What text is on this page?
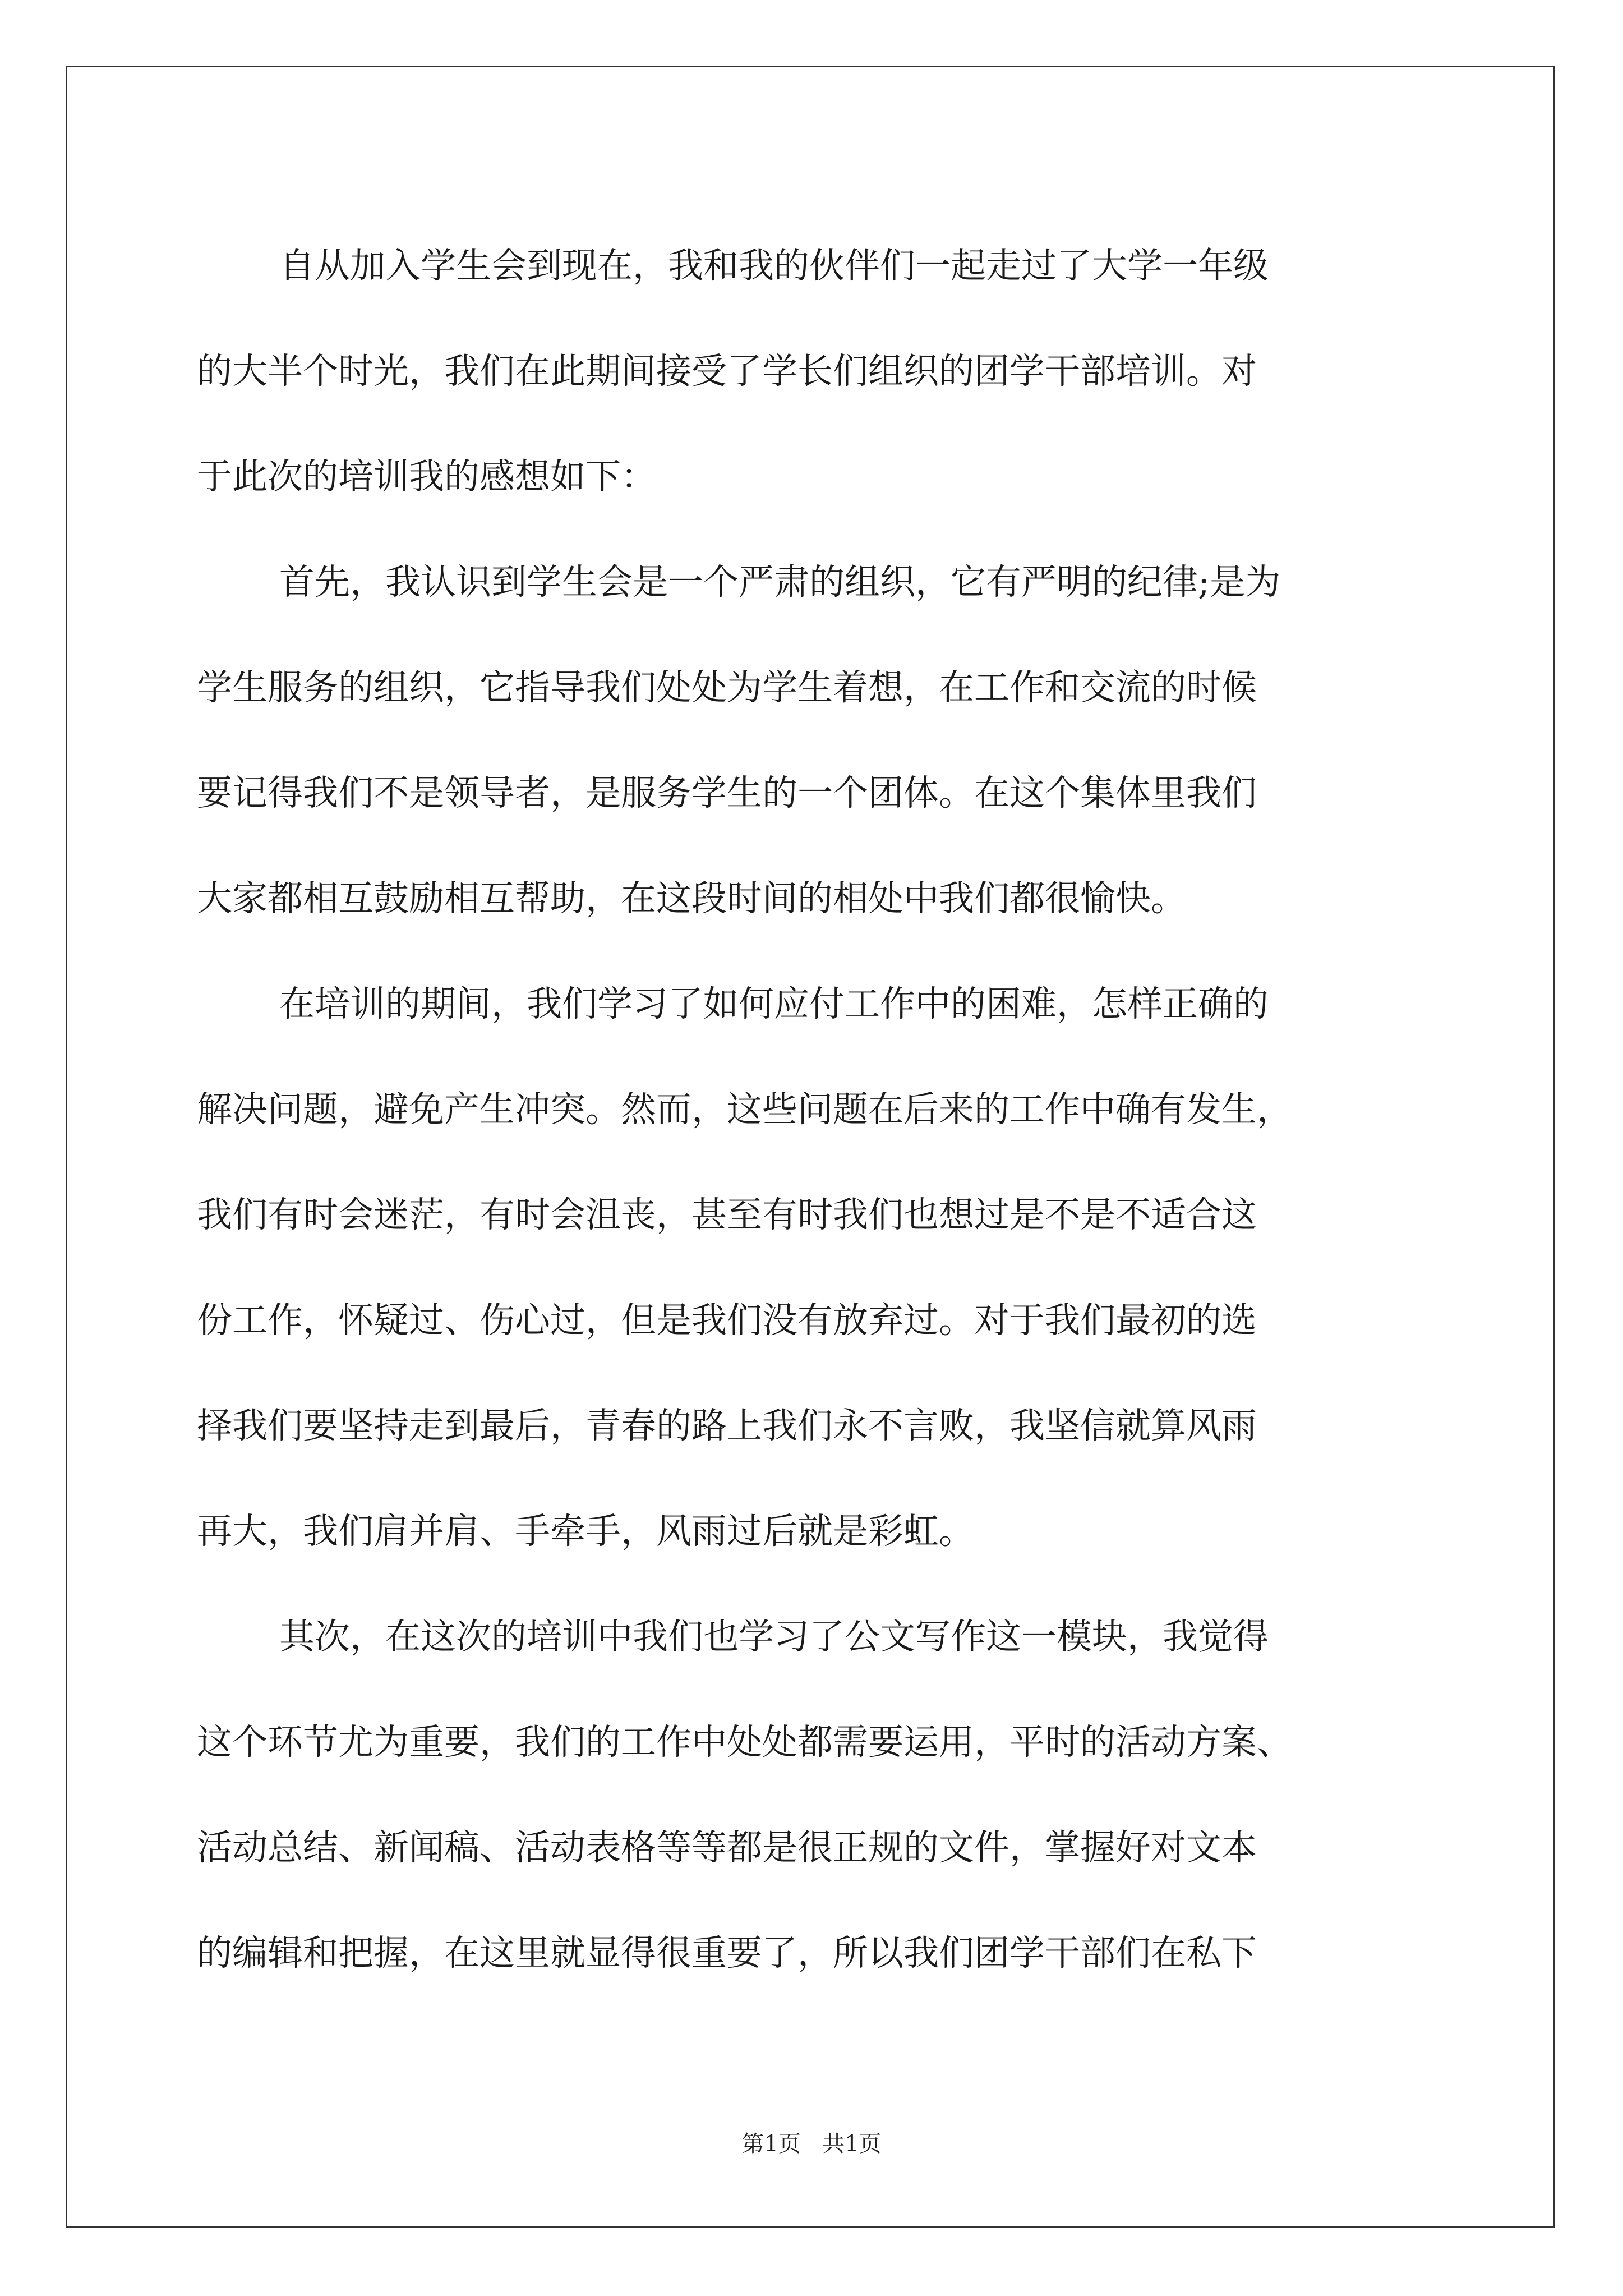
自从加入学生会到现在，我和我的伙伴们一起走过了大学一年级
的大半个时光，我们在此期间接受了学长们组织的团学干部培训。对
于此次的培训我的感想如下：
首先，我认识到学生会是一个严肃的组织，它有严明的纪律;是为
学生服务的组织，它指导我们处处为学生着想，在工作和交流的时候
要记得我们不是领导者，是服务学生的一个团体。在这个集体里我们
大家都相互鼓励相互帮助，在这段时间的相处中我们都很愉快。
在培训的期间，我们学习了如何应付工作中的困难，怎样正确的
解决问题，避免产生冲突。然而，这些问题在后来的工作中确有发生，
我们有时会迷茫，有时会沮丧，甚至有时我们也想过是不是不适合这
份工作，怀疑过、伤心过，但是我们没有放弃过。对于我们最初的选
择我们要坚持走到最后，青春的路上我们永不言败，我坚信就算风雨
再大，我们肩并肩、手牵手，风雨过后就是彩虹。
其次，在这次的培训中我们也学习了公文写作这一模块，我觉得
这个环节尤为重要，我们的工作中处处都需要运用，平时的活动方案、
活动总结、新闻稿、活动表格等等都是很正规的文件，掌握好对文本
的编辑和把握，在这里就显得很重要了，所以我们团学干部们在私下
第1页 共1页
